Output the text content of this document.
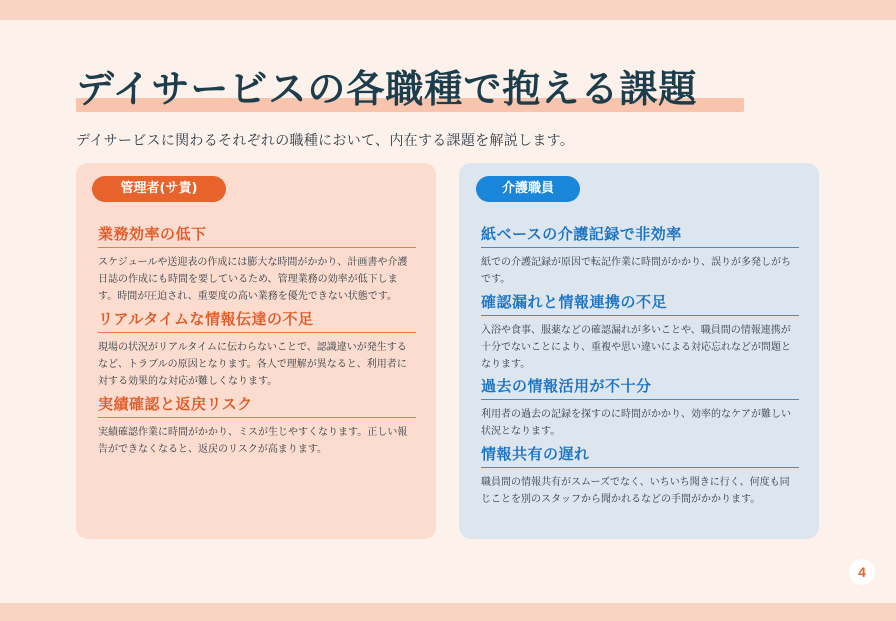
デイサービスの各職種で抱える課題

デイサービスに関わるそれぞれの職種において、内在する課題を解説します。

管理者(サ責)
業務効率の低下

スケジュールや送迎表の作成には膨大な時間がかかり、計画書や介護日誌の作成にも時間を要しているため、管理業務の効率が低下します。時間が圧迫され、重要度の高い業務を優先できない状態です。

リアルタイムな情報伝達の不足

現場の状況がリアルタイムに伝わらないことで、認識違いが発生するなど、トラブルの原因となります。各人で理解が異なると、利用者に対する効果的な対応が難しくなります。

実績確認と返戻リスク

実績確認作業に時間がかかり、ミスが生じやすくなります。正しい報告ができなくなると、返戻のリスクが高まります。

介護職員
紙ベースの介護記録で非効率

紙での介護記録が原因で転記作業に時間がかかり、誤りが多発しがちです。

確認漏れと情報連携の不足

入浴や食事、服薬などの確認漏れが多いことや、職員間の情報連携が十分でないことにより、重複や思い違いによる対応忘れなどが問題となります。

過去の情報活用が不十分

利用者の過去の記録を探すのに時間がかかり、効率的なケアが難しい状況となります。

情報共有の遅れ

職員間の情報共有がスムーズでなく、いちいち聞きに行く、何度も同じことを別のスタッフから聞かれるなどの手間がかかります。

4
